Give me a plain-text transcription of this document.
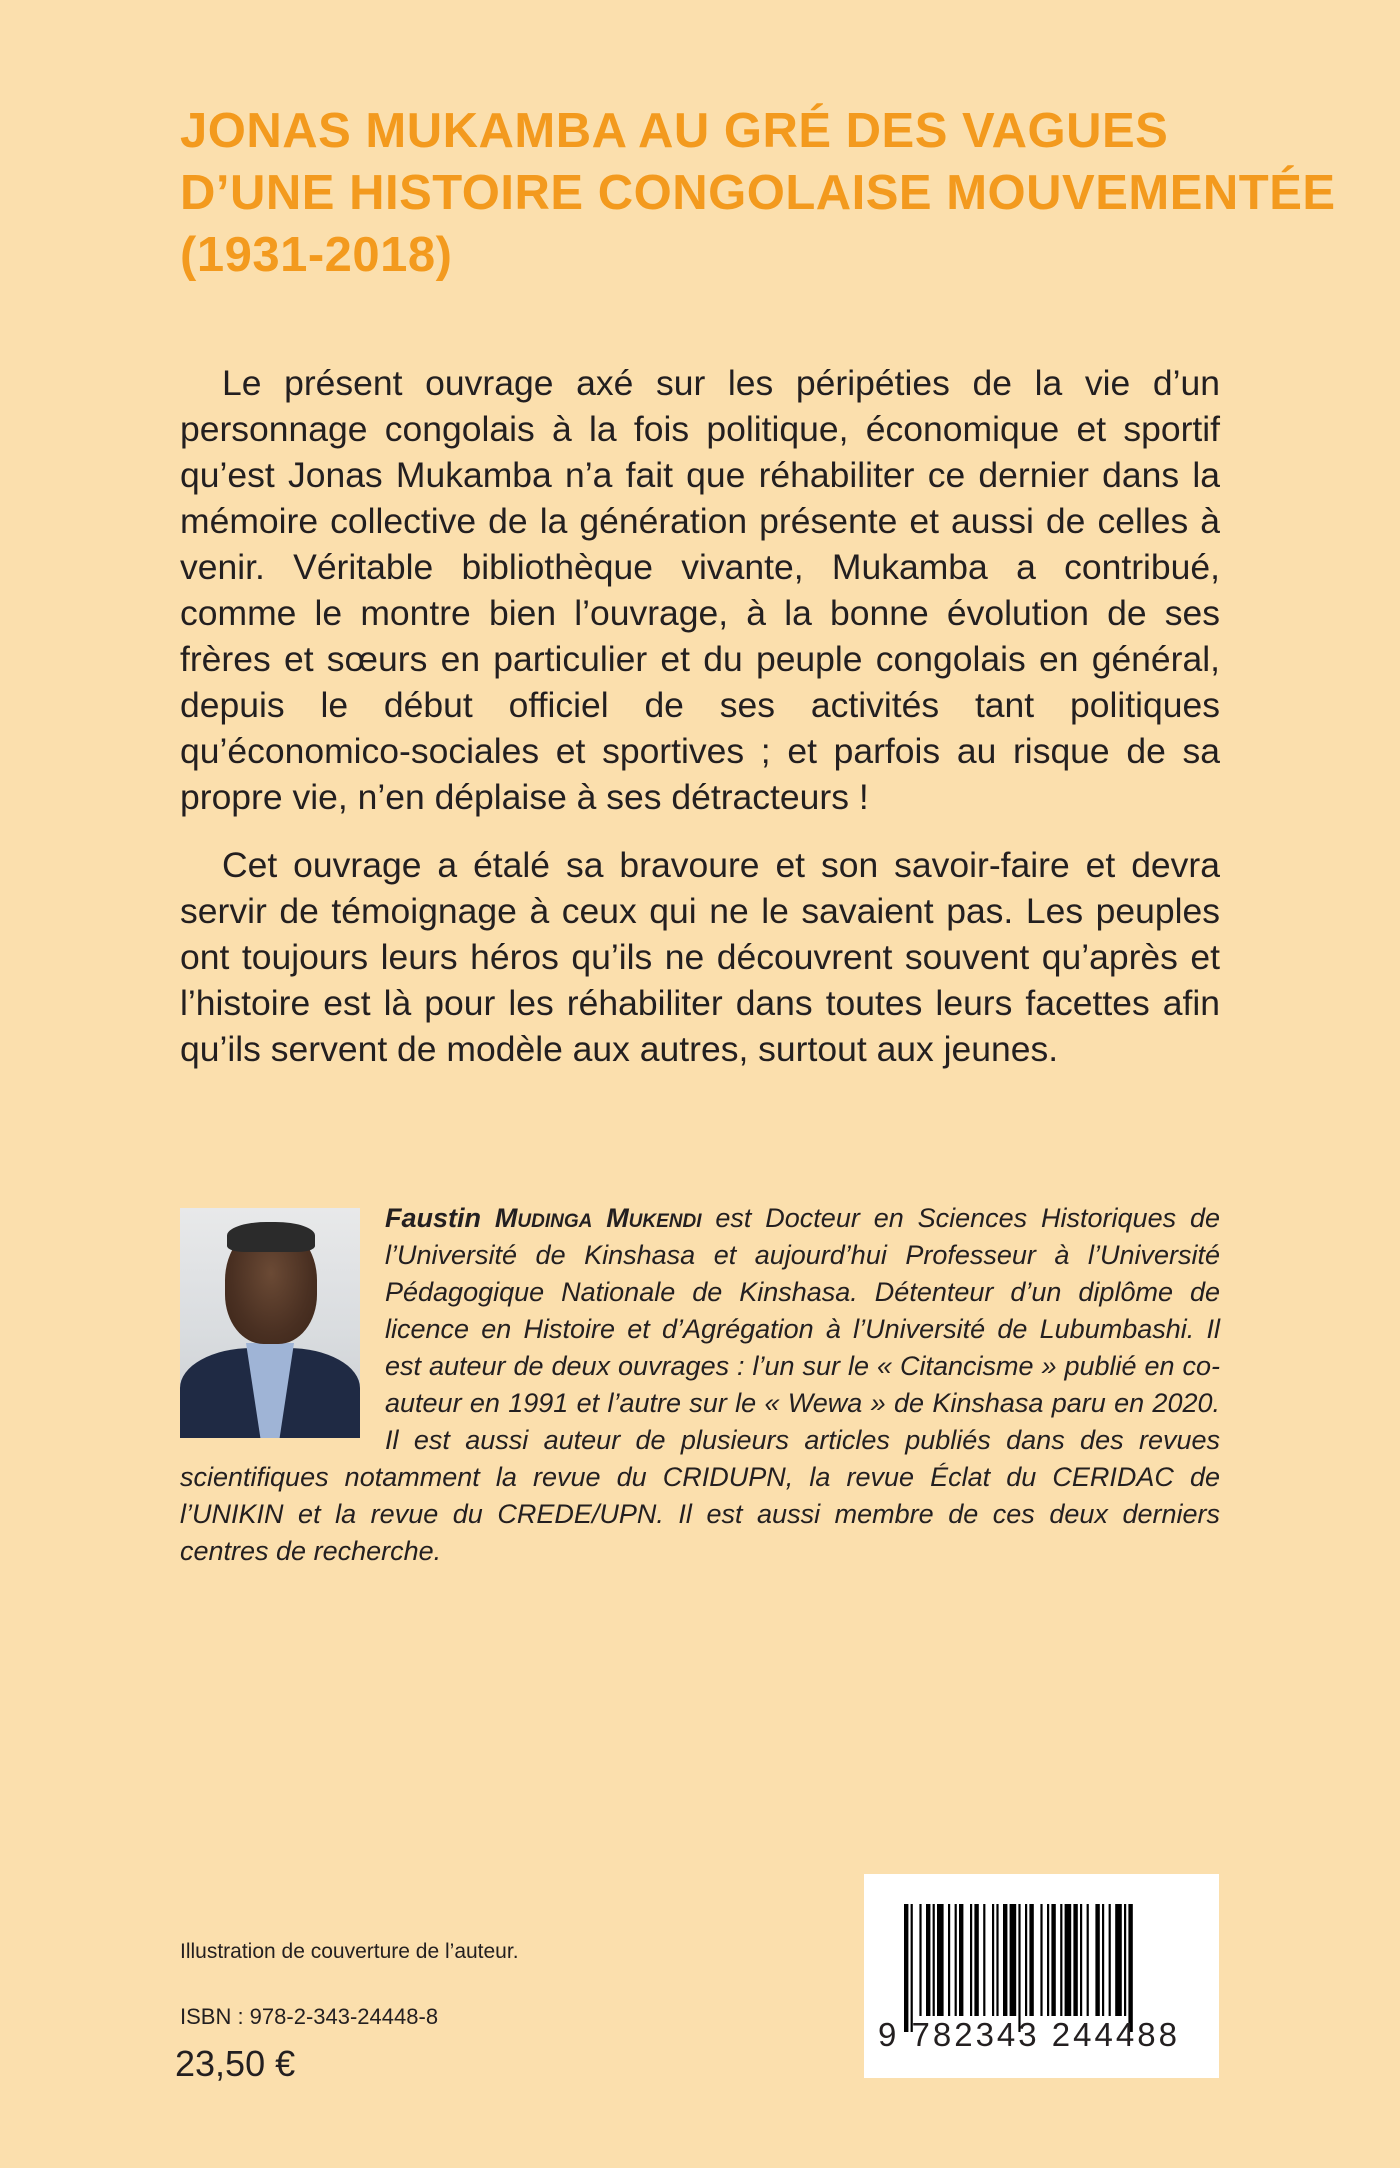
JONAS MUKAMBA AU GRÉ DES VAGUES
D’UNE HISTOIRE CONGOLAISE MOUVEMENTÉE
(1931-2018)

Le présent ouvrage axé sur les péripéties de la vie d’un personnage congolais à la fois politique, économique et sportif qu’est Jonas Mukamba n’a fait que réhabiliter ce dernier dans la mémoire collective de la génération présente et aussi de celles à venir. Véritable bibliothèque vivante, Mukamba a contribué, comme le montre bien l’ouvrage, à la bonne évolution de ses frères et sœurs en particulier et du peuple congolais en général, depuis le début officiel de ses activités tant politiques qu’économico-sociales et sportives ; et parfois au risque de sa propre vie, n’en déplaise à ses détracteurs !

Cet ouvrage a étalé sa bravoure et son savoir-faire et devra servir de témoignage à ceux qui ne le savaient pas. Les peuples ont toujours leurs héros qu’ils ne découvrent souvent qu’après et l’histoire est là pour les réhabiliter dans toutes leurs facettes afin qu’ils servent de modèle aux autres, surtout aux jeunes.

Faustin Mudinga Mukendi est Docteur en Sciences Historiques de l’Université de Kinshasa et aujourd’hui Professeur à l’Université Pédagogique Nationale de Kinshasa. Détenteur d’un diplôme de licence en Histoire et d’Agrégation à l’Université de Lubumbashi. Il est auteur de deux ouvrages : l’un sur le « Citancisme » publié en co-auteur en 1991 et l’autre sur le « Wewa » de Kinshasa paru en 2020. Il est aussi auteur de plusieurs articles publiés dans des revues scientifiques notamment la revue du CRIDUPN, la revue Éclat du CERIDAC de l’UNIKIN et la revue du CREDE/UPN. Il est aussi membre de ces deux derniers centres de recherche.
Illustration de couverture de l’auteur.
ISBN : 978-2-343-24448-8
23,50 €
9 782343 244488
